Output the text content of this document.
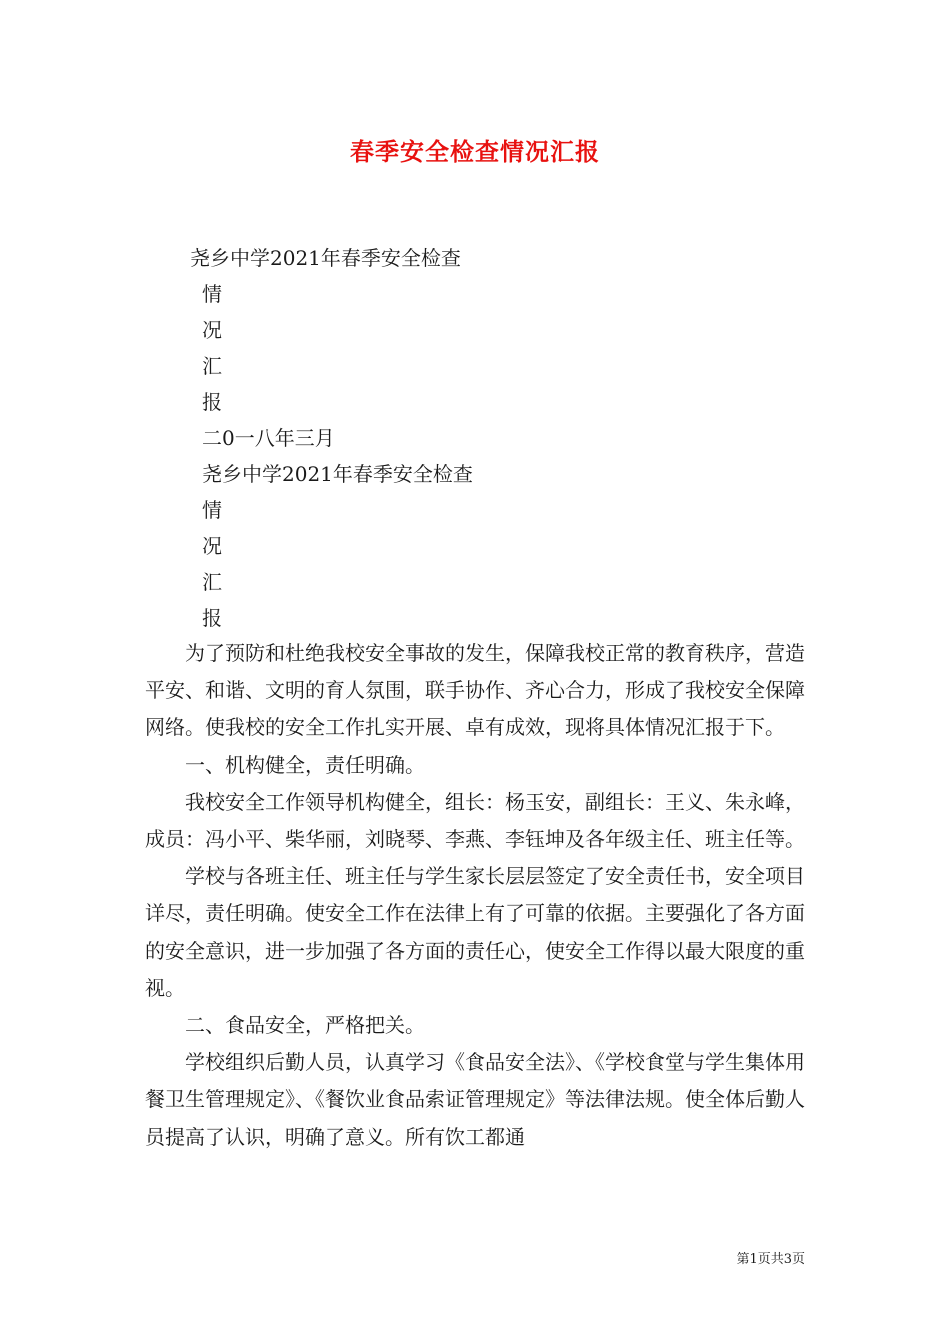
春季安全检查情况汇报
尧乡中学2021年春季安全检查
情
况
汇
报
二0一八年三月
尧乡中学2021年春季安全检查
情
况
汇
报

为了预防和杜绝我校安全事故的发生，保障我校正常的教育秩序，营造平安、和谐、文明的育人氛围，联手协作、齐心合力，形成了我校安全保障网络。使我校的安全工作扎实开展、卓有成效，现将具体情况汇报于下。

一、机构健全，责任明确。

我校安全工作领导机构健全，组长：杨玉安，副组长：王义、朱永峰，成员：冯小平、柴华丽，刘晓琴、李燕、李钰坤及各年级主任、班主任等。

学校与各班主任、班主任与学生家长层层签定了安全责任书，安全项目详尽，责任明确。使安全工作在法律上有了可靠的依据。主要强化了各方面的安全意识，进一步加强了各方面的责任心，使安全工作得以最大限度的重视。

二、食品安全，严格把关。

学校组织后勤人员，认真学习《食品安全法》、《学校食堂与学生集体用餐卫生管理规定》、《餐饮业食品索证管理规定》等法律法规。使全体后勤人员提高了认识，明确了意义。所有饮工都通

第1页共3页
